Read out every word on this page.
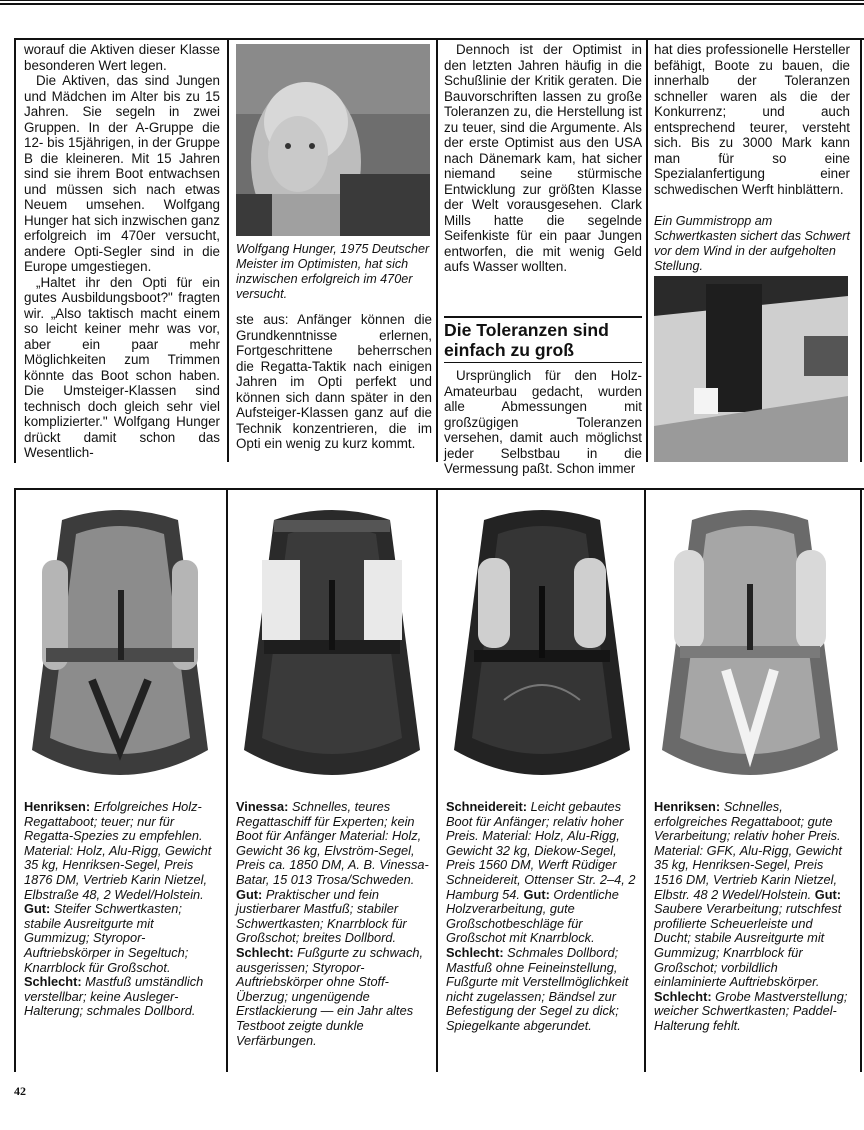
worauf die Aktiven dieser Klasse besonderen Wert legen.

Die Aktiven, das sind Jungen und Mädchen im Alter bis zu 15 Jahren. Sie segeln in zwei Gruppen. In der A-Gruppe die 12- bis 15jährigen, in der Gruppe B die kleineren. Mit 15 Jahren sind sie ihrem Boot entwachsen und müssen sich nach etwas Neuem umsehen. Wolfgang Hunger hat sich inzwischen ganz erfolgreich im 470er versucht, andere Opti-Segler sind in die Europe umgestiegen.

„Haltet ihr den Opti für ein gutes Ausbildungsboot?" fragten wir. „Also taktisch macht einem so leicht keiner mehr was vor, aber ein paar mehr Möglichkeiten zum Trimmen könnte das Boot schon haben. Die Umsteiger-Klassen sind technisch doch gleich sehr viel komplizierter." Wolfgang Hunger drückt damit schon das Wesentlich-

Wolfgang Hunger, 1975 Deutscher Meister im Optimisten, hat sich inzwischen erfolgreich im 470er versucht.

ste aus: Anfänger können die Grundkenntnisse erlernen, Fortgeschrittene beherrschen die Regatta-Taktik nach einigen Jahren im Opti perfekt und können sich dann später in den Aufsteiger-Klassen ganz auf die Technik konzentrieren, die im Opti ein wenig zu kurz kommt.

Dennoch ist der Optimist in den letzten Jahren häufig in die Schußlinie der Kritik geraten. Die Bauvorschriften lassen zu große Toleranzen zu, die Herstellung ist zu teuer, sind die Argumente. Als der erste Optimist aus den USA nach Dänemark kam, hat sicher niemand seine stürmische Entwicklung zur größten Klasse der Welt vorausgesehen. Clark Mills hatte die segelnde Seifenkiste für ein paar Jungen entworfen, die mit wenig Geld aufs Wasser wollten.

Die Toleranzen sind
einfach zu groß

Ursprünglich für den Holz-Amateurbau gedacht, wurden alle Abmessungen mit großzügigen Toleranzen versehen, damit auch möglichst jeder Selbstbau in die Vermessung paßt. Schon immer

hat dies professionelle Hersteller befähigt, Boote zu bauen, die innerhalb der Toleranzen schneller waren als die der Konkurrenz; und auch entsprechend teurer, versteht sich. Bis zu 3000 Mark kann man für so eine Spezialanfertigung einer schwedischen Werft hinblättern.

Ein Gummistropp am Schwertkasten sichert das Schwert vor dem Wind in der aufgeholten Stellung.
Henriksen: Erfolgreiches Holz-Regattaboot; teuer; nur für Regatta-Spezies zu empfehlen. Material: Holz, Alu-Rigg, Gewicht 35 kg, Henriksen-Segel, Preis 1876 DM, Vertrieb Karin Nietzel, Elbstraße 48, 2 Wedel/Holstein. Gut: Steifer Schwertkasten; stabile Ausreitgurte mit Gummizug; Styropor-Auftriebskörper in Segeltuch; Knarrblock für Großschot. Schlecht: Mastfuß umständlich verstellbar; keine Ausleger-Halterung; schmales Dollbord.
Vinessa: Schnelles, teures Regattaschiff für Experten; kein Boot für Anfänger Material: Holz, Gewicht 36 kg, Elvström-Segel, Preis ca. 1850 DM, A. B. Vinessa-Batar, 15 013 Trosa/Schweden. Gut: Praktischer und fein justierbarer Mastfuß; stabiler Schwertkasten; Knarrblock für Großschot; breites Dollbord. Schlecht: Fußgurte zu schwach, ausgerissen; Styropor-Auftriebskörper ohne Stoff-Überzug; ungenügende Erstlackierung — ein Jahr altes Testboot zeigte dunkle Verfärbungen.
Schneidereit: Leicht gebautes Boot für Anfänger; relativ hoher Preis. Material: Holz, Alu-Rigg, Gewicht 32 kg, Diekow-Segel, Preis 1560 DM, Werft Rüdiger Schneidereit, Ottenser Str. 2–4, 2 Hamburg 54. Gut: Ordentliche Holzverarbeitung, gute Großschotbeschläge für Großschot mit Knarrblock. Schlecht: Schmales Dollbord; Mastfuß ohne Feineinstellung, Fußgurte mit Verstellmöglichkeit nicht zugelassen; Bändsel zur Befestigung der Segel zu dick; Spiegelkante abgerundet.
Henriksen: Schnelles, erfolgreiches Regattaboot; gute Verarbeitung; relativ hoher Preis. Material: GFK, Alu-Rigg, Gewicht 35 kg, Henriksen-Segel, Preis 1516 DM, Vertrieb Karin Nietzel, Elbstr. 48 2 Wedel/Holstein. Gut: Saubere Verarbeitung; rutschfest profilierte Scheuerleiste und Ducht; stabile Ausreitgurte mit Gummizug; Knarrblock für Großschot; vorbildlich einlaminierte Auftriebskörper. Schlecht: Grobe Mastverstellung; weicher Schwertkasten; Paddel-Halterung fehlt.
42
